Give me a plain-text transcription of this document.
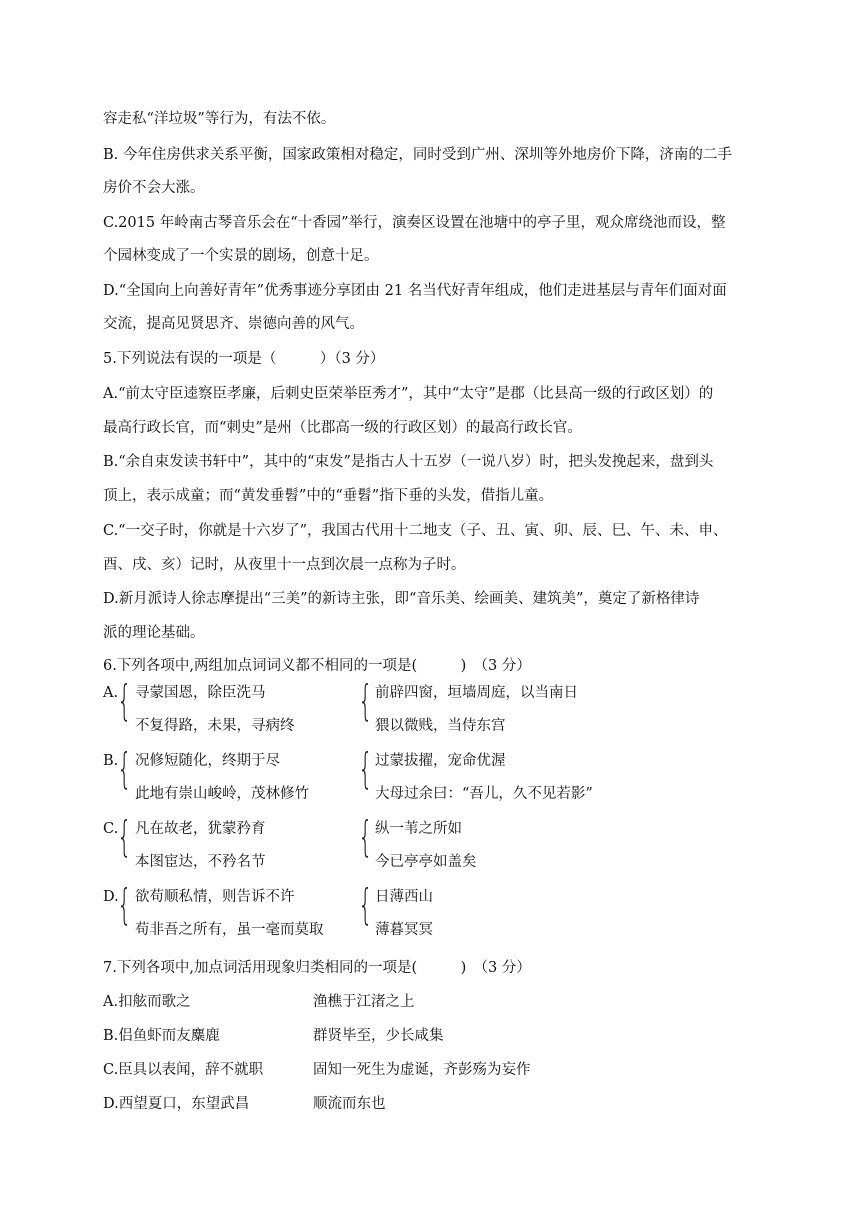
容走私“洋垃圾”等行为，有法不依。
B. 今年住房供求关系平衡，国家政策相对稳定，同时受到广州、深圳等外地房价下降，济南的二手
房价不会大涨。
C.2015 年岭南古琴音乐会在“十香园”举行，演奏区设置在池塘中的亭子里，观众席绕池而设，整
个园林变成了一个实景的剧场，创意十足。
D.“全国向上向善好青年”优秀事迹分享团由 21 名当代好青年组成，他们走进基层与青年们面对面
交流，提高见贤思齐、崇德向善的风气。
5.下列说法有误的一项是（　　　）（3 分）
A.“前太守臣逵察臣孝廉，后刺史臣荣举臣秀才”，其中“太守”是郡（比县高一级的行政区划）的
最高行政长官，而“刺史”是州（比郡高一级的行政区划）的最高行政长官。
B.“余自束发读书轩中”，其中的“束发”是指古人十五岁（一说八岁）时，把头发挽起来，盘到头
顶上，表示成童；而“黄发垂髫”中的“垂髫”指下垂的头发，借指儿童。
C.“一交子时，你就是十六岁了”，我国古代用十二地支（子、丑、寅、卯、辰、巳、午、未、申、
酉、戌、亥）记时，从夜里十一点到次晨一点称为子时。
D.新月派诗人徐志摩提出“三美”的新诗主张，即“音乐美、绘画美、建筑美”，奠定了新格律诗
派的理论基础。
6.下列各项中,两组加点词词义都不相同的一项是(　　　)　（3 分）
A.
{ 寻蒙国恩，除臣洗马
不复得路，未果，寻病终
{ 前辟四窗，垣墙周庭，以当南日
猥以微贱，当侍东宫
B.
{ 况修短随化，终期于尽
此地有崇山峻岭，茂林修竹
{ 过蒙拔擢，宠命优渥
大母过余曰：“吾儿，久不见若影”
C.
{ 凡在故老，犹蒙矜育
本图宦达，不矜名节
{ 纵一苇之所如
今已亭亭如盖矣
D.
{ 欲苟顺私情，则告诉不许
苟非吾之所有，虽一毫而莫取
{ 日薄西山
薄暮冥冥
7.下列各项中,加点词活用现象归类相同的一项是(　　　)　（3 分）
A.扣舷而歌之	渔樵于江渚之上
B.侣鱼虾而友麋鹿	群贤毕至，少长咸集
C.臣具以表闻，辞不就职	固知一死生为虚诞，齐彭殇为妄作
D.西望夏口，东望武昌	顺流而东也
